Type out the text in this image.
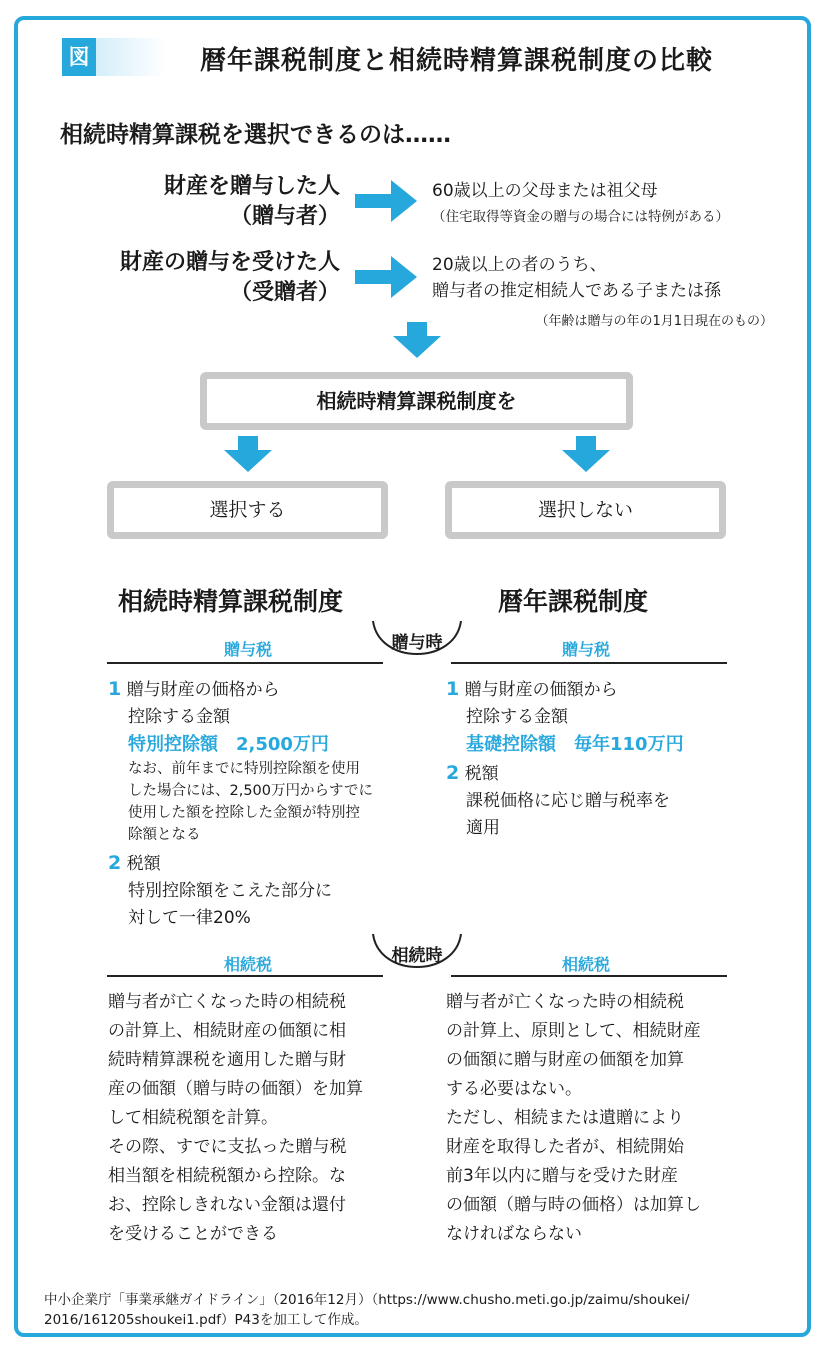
図	暦年課税制度と相続時精算課税制度の比較
相続時精算課税を選択できるのは……
財産を贈与した人
（贈与者）
60歳以上の父母または祖父母
（住宅取得等資金の贈与の場合には特例がある）
財産の贈与を受けた人
（受贈者）
20歳以上の者のうち、
贈与者の推定相続人である子または孫
（年齢は贈与の年の1月1日現在のもの）
相続時精算課税制度を
選択する	選択しない
相続時精算課税制度	暦年課税制度
贈与税	贈与税
贈与時

1 贈与財産の価格から

控除する金額

特別控除額　2,500万円

なお、前年までに特別控除額を使用

した場合には、2,500万円からすでに

使用した額を控除した金額が特別控

除額となる

2 税額

特別控除額をこえた部分に

対して一律20%

1 贈与財産の価額から

控除する金額

基礎控除額　毎年110万円

2 税額

課税価格に応じ贈与税率を

適用

相続税	相続税
相続時
贈与者が亡くなった時の相続税
の計算上、相続財産の価額に相
続時精算課税を適用した贈与財
産の価額（贈与時の価額）を加算
して相続税額を計算。
その際、すでに支払った贈与税
相当額を相続税額から控除。な
お、控除しきれない金額は還付
を受けることができる
贈与者が亡くなった時の相続税
の計算上、原則として、相続財産
の価額に贈与財産の価額を加算
する必要はない。
ただし、相続または遺贈により
財産を取得した者が、相続開始
前3年以内に贈与を受けた財産
の価額（贈与時の価格）は加算し
なければならない
中小企業庁「事業承継ガイドライン」（2016年12月）（https://www.chusho.meti.go.jp/zaimu/shoukei/
2016/161205shoukei1.pdf）P43を加工して作成。
